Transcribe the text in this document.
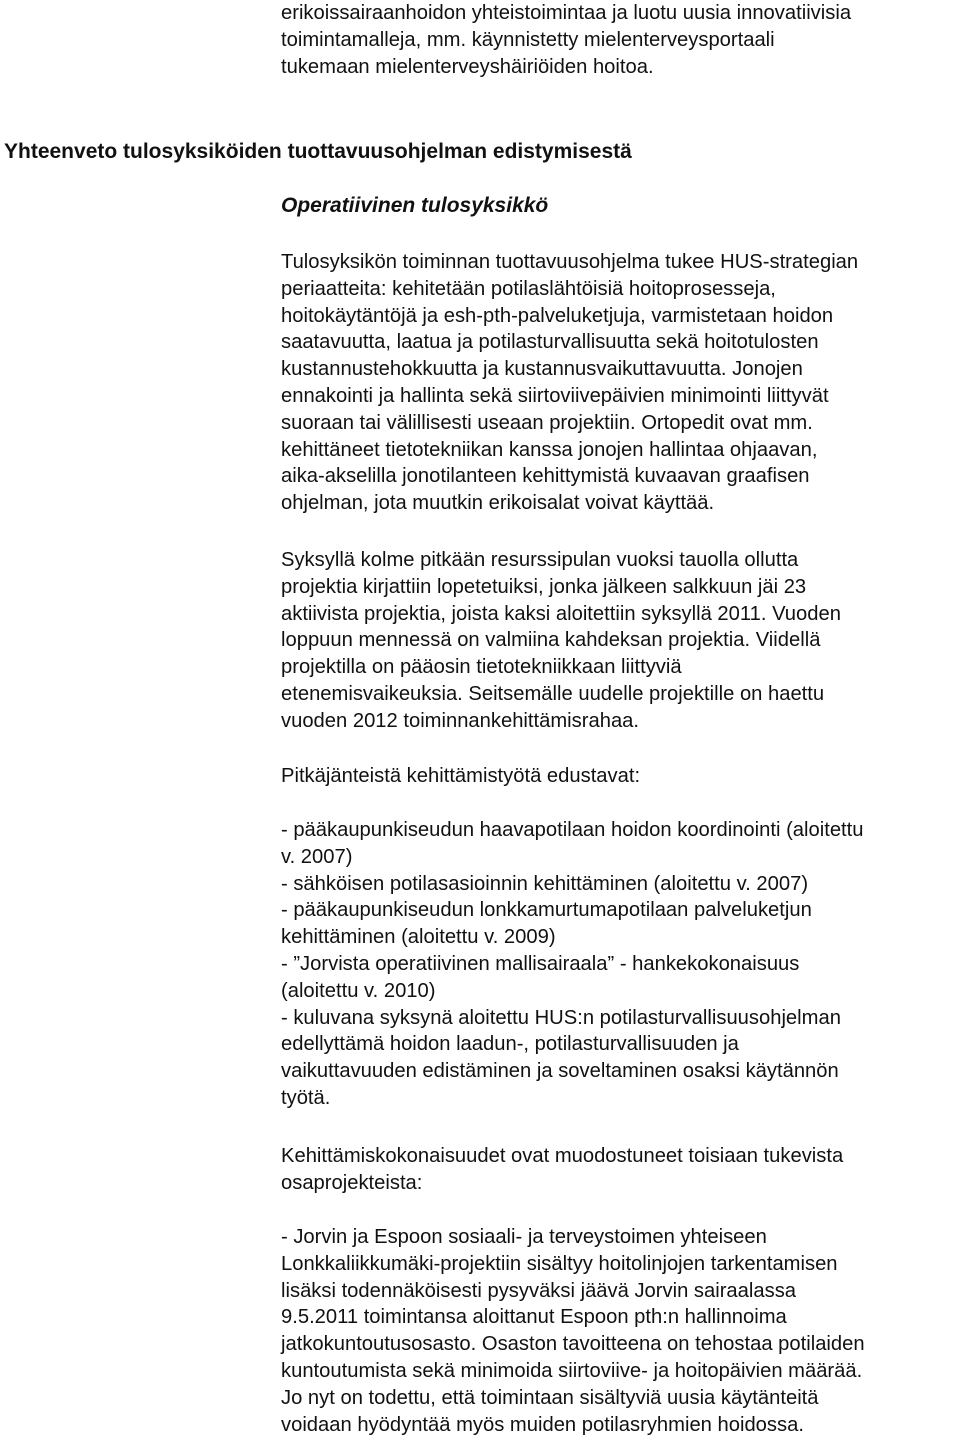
erikoissairaanhoidon yhteistoimintaa ja luotu uusia innovatiivisia
toimintamalleja, mm. käynnistetty mielenterveysportaali
tukemaan mielenterveyshäiriöiden hoitoa.
Yhteenveto tulosyksiköiden tuottavuusohjelman edistymisestä
Operatiivinen tulosyksikkö
Tulosyksikön toiminnan tuottavuusohjelma tukee HUS-strategian
periaatteita: kehitetään potilaslähtöisiä hoitoprosesseja,
hoitokäytäntöjä ja esh-pth-palveluketjuja, varmistetaan hoidon
saatavuutta, laatua ja potilasturvallisuutta sekä hoitotulosten
kustannustehokkuutta ja kustannusvaikuttavuutta. Jonojen
ennakointi ja hallinta sekä siirtoviivepäivien minimointi liittyvät
suoraan tai välillisesti useaan projektiin. Ortopedit ovat mm.
kehittäneet tietotekniikan kanssa jonojen hallintaa ohjaavan,
aika-akselilla jonotilanteen kehittymistä kuvaavan graafisen
ohjelman, jota muutkin erikoisalat voivat käyttää.
Syksyllä kolme pitkään resurssipulan vuoksi tauolla ollutta
projektia kirjattiin lopetetuiksi, jonka jälkeen salkkuun jäi 23
aktiivista projektia, joista kaksi aloitettiin syksyllä 2011. Vuoden
loppuun mennessä on valmiina kahdeksan projektia. Viidellä
projektilla on pääosin tietotekniikkaan liittyviä
etenemisvaikeuksia. Seitsemälle uudelle projektille on haettu
vuoden 2012 toiminnankehittämisrahaa.
Pitkäjänteistä kehittämistyötä edustavat:
- pääkaupunkiseudun haavapotilaan hoidon koordinointi (aloitettu
v. 2007)
- sähköisen potilasasioinnin kehittäminen (aloitettu v. 2007)
- pääkaupunkiseudun lonkkamurtumapotilaan palveluketjun
kehittäminen (aloitettu v. 2009)
- ”Jorvista operatiivinen mallisairaala” - hankekokonaisuus
(aloitettu v. 2010)
- kuluvana syksynä aloitettu HUS:n potilasturvallisuusohjelman
edellyttämä hoidon laadun-, potilasturvallisuuden ja
vaikuttavuuden edistäminen ja soveltaminen osaksi käytännön
työtä.
Kehittämiskokonaisuudet ovat muodostuneet toisiaan tukevista
osaprojekteista:
- Jorvin ja Espoon sosiaali- ja terveystoimen yhteiseen
Lonkkaliikkumäki-projektiin sisältyy hoitolinjojen tarkentamisen
lisäksi todennäköisesti pysyväksi jäävä Jorvin sairaalassa
9.5.2011 toimintansa aloittanut Espoon pth:n hallinnoima
jatkokuntoutusosasto. Osaston tavoitteena on tehostaa potilaiden
kuntoutumista sekä minimoida siirtoviive- ja hoitopäivien määrää.
Jo nyt on todettu, että toimintaan sisältyviä uusia käytänteitä
voidaan hyödyntää myös muiden potilasryhmien hoidossa.
